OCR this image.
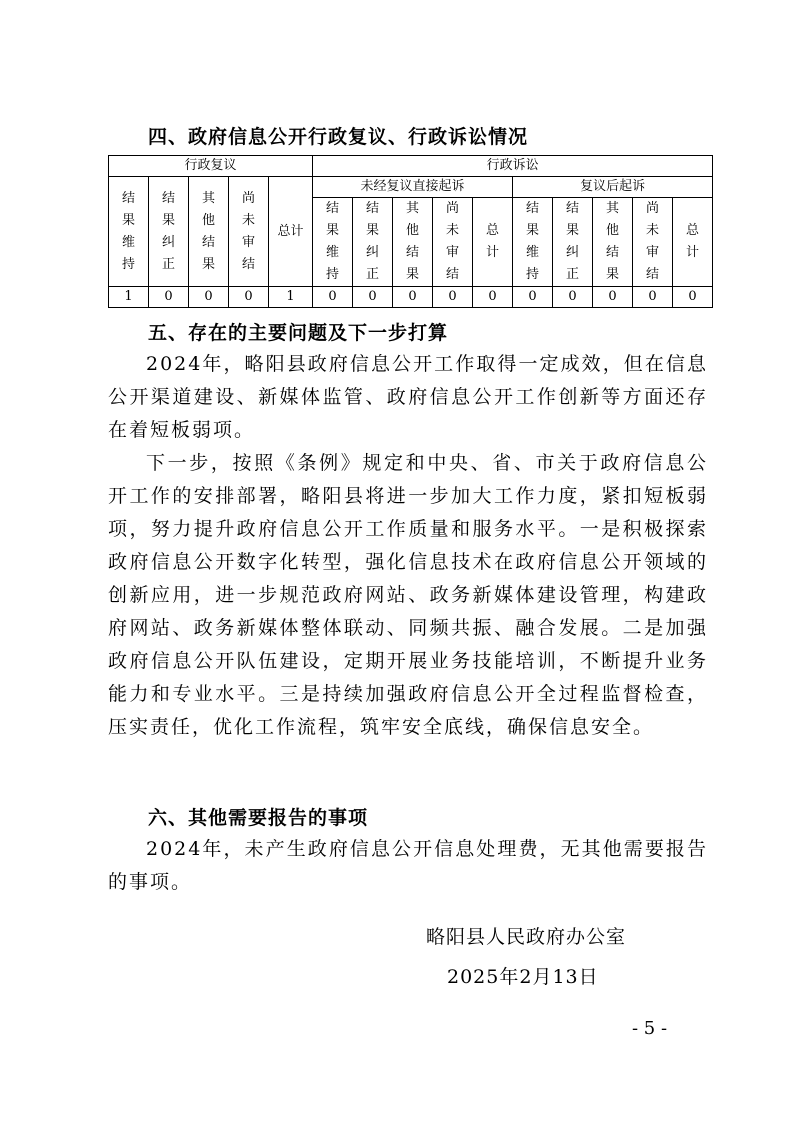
四、政府信息公开行政复议、行政诉讼情况
行政复议					行政诉讼									
结果维持	结果纠正	其他结果	尚未审结	总计	未经复议直接起诉					复议后起诉				
					结果维持	结果纠正	其他结果	尚未审结	总计	结果维持	结果纠正	其他结果	尚未审结	总计
1	0	0	0	1	0	0	0	0	0	0	0	0	0	0
五、存在的主要问题及下一步打算

2024年，略阳县政府信息公开工作取得一定成效，但在信息公开渠道建设、新媒体监管、政府信息公开工作创新等方面还存在着短板弱项。

下一步，按照《条例》规定和中央、省、市关于政府信息公开工作的安排部署，略阳县将进一步加大工作力度，紧扣短板弱项，努力提升政府信息公开工作质量和服务水平。一是积极探索政府信息公开数字化转型，强化信息技术在政府信息公开领域的创新应用，进一步规范政府网站、政务新媒体建设管理，构建政府网站、政务新媒体整体联动、同频共振、融合发展。二是加强政府信息公开队伍建设，定期开展业务技能培训，不断提升业务能力和专业水平。三是持续加强政府信息公开全过程监督检查，压实责任，优化工作流程，筑牢安全底线，确保信息安全。

六、其他需要报告的事项

2024年，未产生政府信息公开信息处理费，无其他需要报告的事项。

略阳县人民政府办公室
2025年2月13日
- 5 -
